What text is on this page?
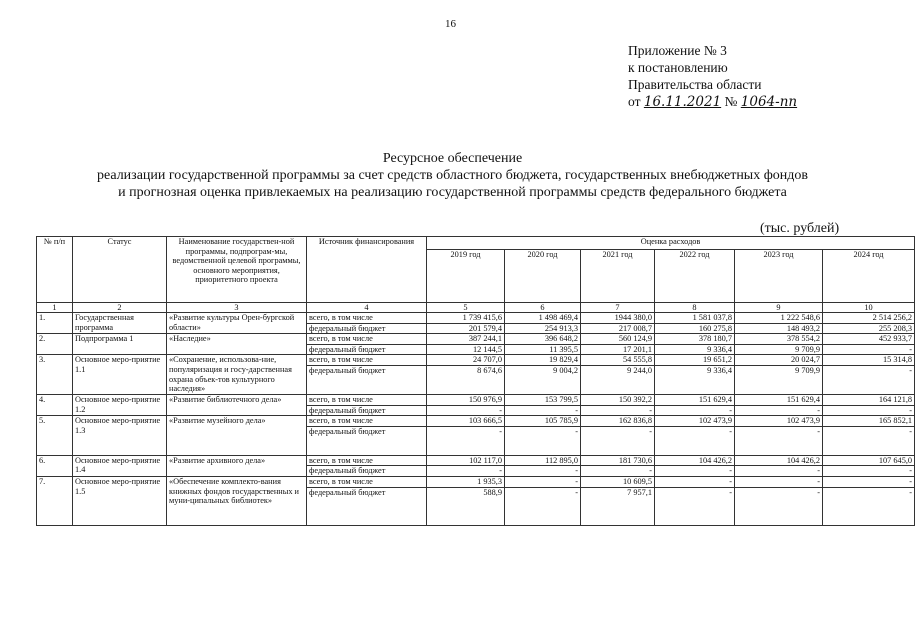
16
Приложение № 3
к постановлению
Правительства области
от 16.11.2021 № 1064-пп
Ресурсное обеспечение
реализации государственной программы за счет средств областного бюджета, государственных внебюджетных фондов
и прогнозная оценка привлекаемых на реализацию государственной программы средств федерального бюджета
(тыс. рублей)
№ п/п	Статус	Наименование государствен-ной программы, подпрограм-мы, ведомственной целевой программы, основного мероприятия, приоритетного проекта	Источник финансирования	Оценка расходов					
				2019 год	2020 год	2021 год	2022 год	2023 год	2024 год
1	2	3	4	5	6	7	8	9	10
1.	Государственная программа	«Развитие культуры Орен-бургской области»	всего, в том числе	1 739 415,6	1 498 469,4	1944 380,0	1 581 037,8	1 222 548,6	2 514 256,2
			федеральный бюджет	201 579,4	254 913,3	217 008,7	160 275,8	148 493,2	255 208,3
2.	Подпрограмма 1	«Наследие»	всего, в том числе	387 244,1	396 648,2	560 124,9	378 180,7	378 554,2	452 933,7
			федеральный бюджет	12 144,5	11 395,5	17 201,1	9 336,4	9 709,9	-
3.	Основное меро-приятие 1.1	«Сохранение, использова-ние, популяризация и госу-дарственная охрана объек-тов культурного наследия»	всего, в том числе	24 707,0	19 829,4	54 555,8	19 651,2	20 024,7	15 314,8
			федеральный бюджет	8 674,6	9 004,2	9 244,0	9 336,4	9 709,9	-
4.	Основное меро-приятие 1.2	«Развитие библиотечного дела»	всего, в том числе	150 976,9	153 799,5	150 392,2	151 629,4	151 629,4	164 121,8
			федеральный бюджет	-	-	-	-	-	-
5.	Основное меро-приятие 1.3	«Развитие музейного дела»	всего, в том числе	103 666,5	105 785,9	162 836,8	102 473,9	102 473,9	165 852,1
			федеральный бюджет	-	-	-	-	-	-
6.	Основное меро-приятие 1.4	«Развитие архивного дела»	всего, в том числе	102 117,0	112 895,0	181 730,6	104 426,2	104 426,2	107 645,0
			федеральный бюджет	-	-	-	-	-	-
7.	Основное меро-приятие 1.5	«Обеспечение комплекто-вания книжных фондов государственных и муни-ципальных библиотек»	всего, в том числе	1 935,3	-	10 609,5	-	-	-
			федеральный бюджет	588,9	-	7 957,1	-	-	-
